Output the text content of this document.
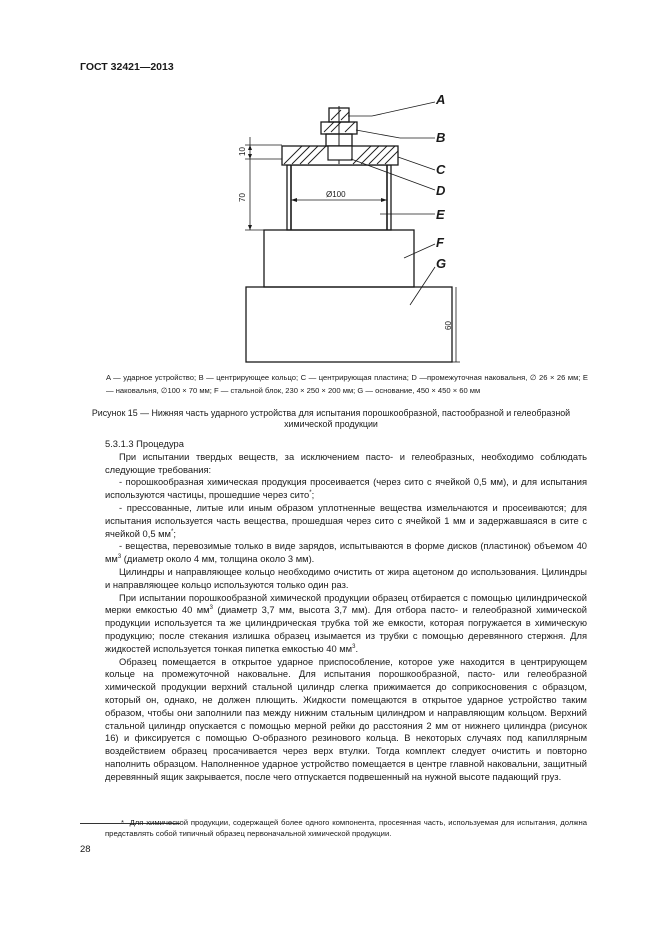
ГОСТ 32421—2013
10
70
60
Ø100
A
B
C
D
E
F
G
A — ударное устройство; B — центрирующее кольцо; C — центрирующая пластина; D —промежуточная наковальня, ∅ 26 × 26 мм; E — наковальня, ∅100 × 70 мм; F — стальной блок, 230 × 250 × 200 мм; G — основание, 450 × 450 × 60 мм
Рисунок 15 — Нижняя часть ударного устройства для испытания порошкообразной, пастообразной и гелеобразной химической продукции

5.3.1.3 Процедура

При испытании твердых веществ, за исключением пасто- и гелеобразных, необходимо соблюдать следующие требования:

- порошкообразная химическая продукция просеивается (через сито с ячейкой 0,5 мм), и для испытания используются частицы, прошедшие через сито*;

- прессованные, литые или иным образом уплотненные вещества измельчаются и просеиваются; для испытания используется часть вещества, прошедшая через сито с ячейкой 1 мм и задержавшаяся в сите с ячейкой 0,5 мм*;

- вещества, перевозимые только в виде зарядов, испытываются в форме дисков (пластинок) объемом 40 $мм^3$ (диаметр около 4 мм, толщина около 3 мм).

Цилиндры и направляющее кольцо необходимо очистить от жира ацетоном до использования. Цилиндры и направляющее кольцо используются только один раз.

При испытании порошкообразной химической продукции образец отбирается с помощью цилиндрической мерки емкостью 40 $мм^3$ (диаметр 3,7 мм, высота 3,7 мм). Для отбора пасто- и гелеобразной химической продукции используется та же цилиндрическая трубка той же емкости, которая погружается в химическую продукцию; после стекания излишка образец изымается из трубки с помощью деревянного стержня. Для жидкостей используется тонкая пипетка емкостью 40 $мм^3$.

Образец помещается в открытое ударное приспособление, которое уже находится в центрирующем кольце на промежуточной наковальне. Для испытания порошкообразной, пасто- или гелеобразной химической продукции верхний стальной цилиндр слегка прижимается до соприкосновения с образцом, который он, однако, не должен плющить. Жидкости помещаются в открытое ударное устройство таким образом, чтобы они заполнили паз между нижним стальным цилиндром и направляющим кольцом. Верхний стальной цилиндр опускается с помощью мерной рейки до расстояния 2 мм от нижнего цилиндра (рисунок 16) и фиксируется с помощью О-образного резинового кольца. В некоторых случаях под капиллярным воздействием образец просачивается через верх втулки. Тогда комплект следует очистить и повторно наполнить образцом. Наполненное ударное устройство помещается в центре главной наковальни, защитный деревянный ящик закрывается, после чего отпускается подвешенный на нужной высоте падающий груз.

* Для химической продукции, содержащей более одного компонента, просеянная часть, используемая для испытания, должна представлять собой типичный образец первоначальной химической продукции.
28
